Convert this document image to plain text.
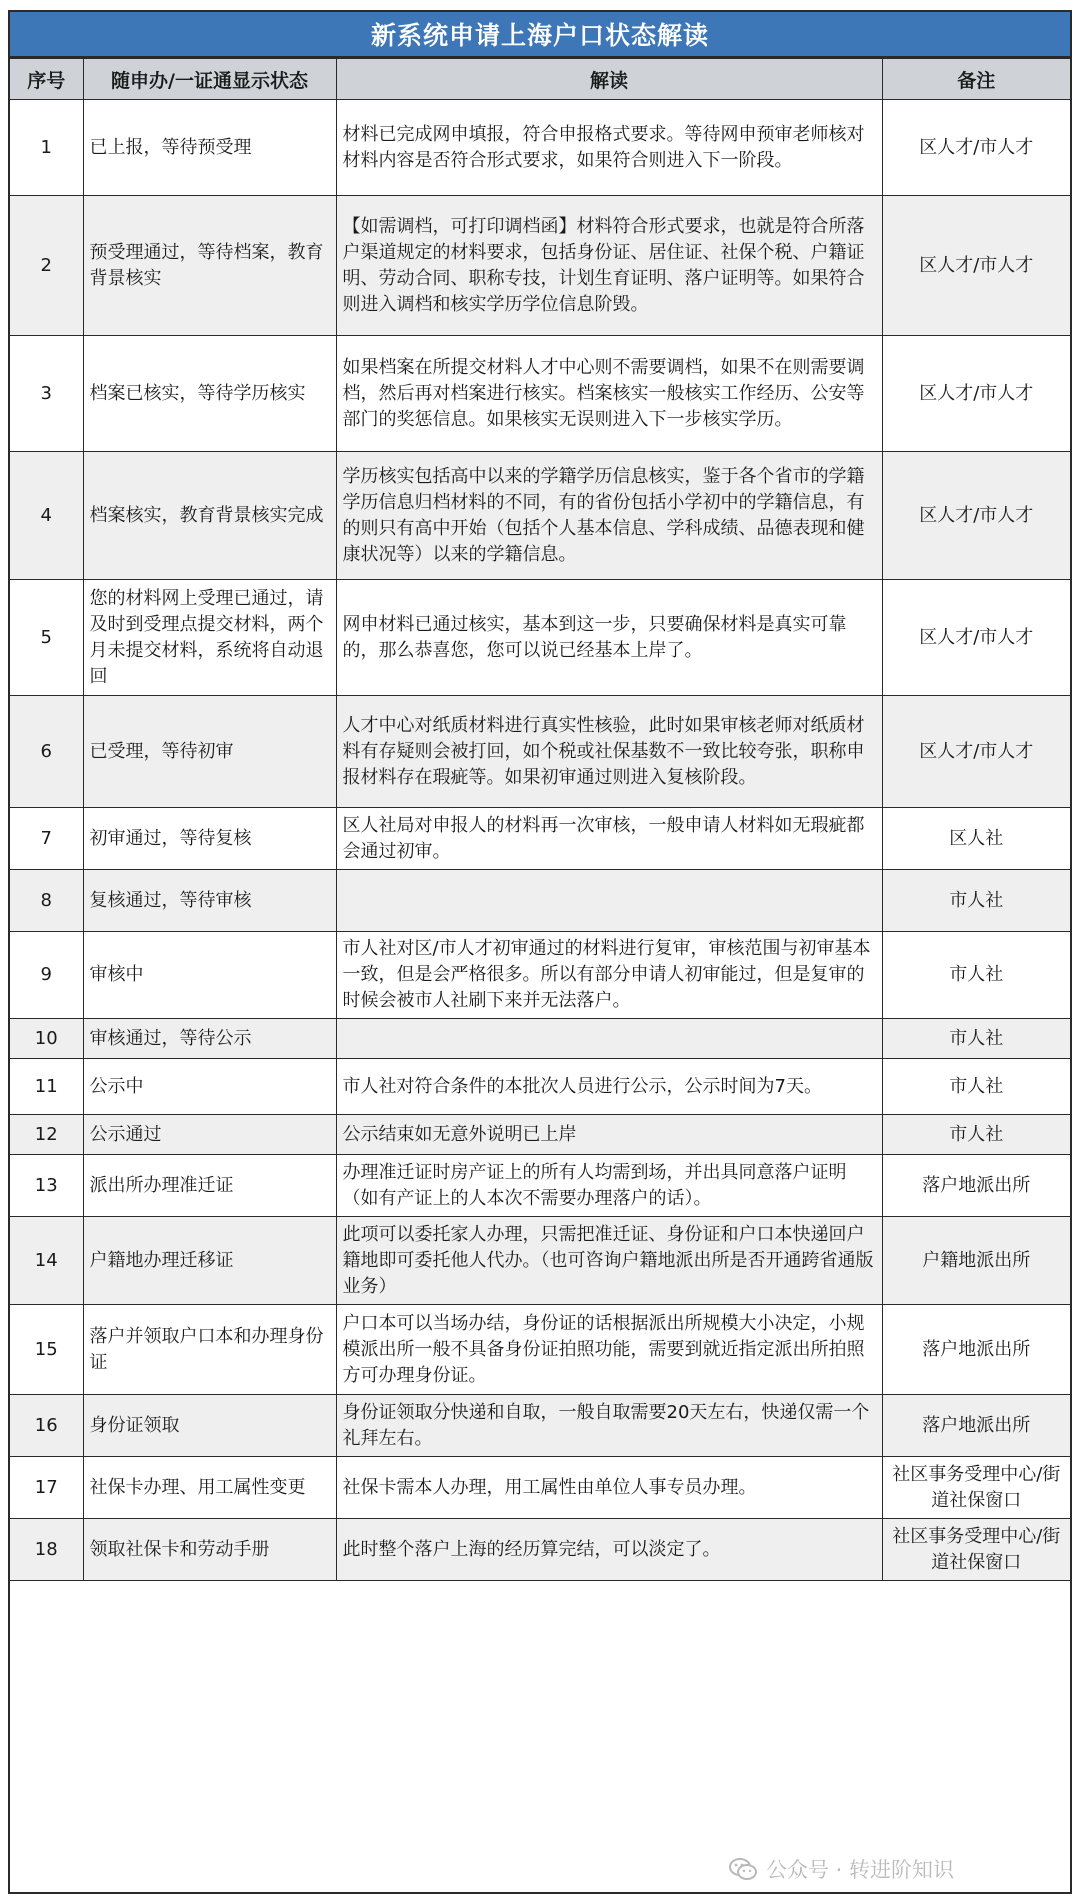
新系统申请上海户口状态解读
序号	随申办/一证通显示状态	解读	备注
1	已上报，等待预受理	材料已完成网申填报，符合申报格式要求。等待网申预审老师核对材料内容是否符合形式要求，如果符合则进入下一阶段。	区人才/市人才
2	预受理通过，等待档案，教育背景核实	【如需调档，可打印调档函】材料符合形式要求，也就是符合所落户渠道规定的材料要求，包括身份证、居住证、社保个税、户籍证明、劳动合同、职称专技，计划生育证明、落户证明等。如果符合则进入调档和核实学历学位信息阶毁。	区人才/市人才
3	档案已核实，等待学历核实	如果档案在所提交材料人才中心则不需要调档，如果不在则需要调档，然后再对档案进行核实。档案核实一般核实工作经历、公安等部门的奖惩信息。如果核实无误则进入下一步核实学历。	区人才/市人才
4	档案核实，教育背景核实完成	学历核实包括高中以来的学籍学历信息核实，鉴于各个省市的学籍学历信息归档材料的不同，有的省份包括小学初中的学籍信息，有的则只有高中开始（包括个人基本信息、学科成绩、品德表现和健康状况等）以来的学籍信息。	区人才/市人才
5	您的材料网上受理已通过，请及时到受理点提交材料，两个月未提交材料，系统将自动退回	网申材料已通过核实，基本到这一步，只要确保材料是真实可靠的，那么恭喜您，您可以说已经基本上岸了。	区人才/市人才
6	已受理，等待初审	人才中心对纸质材料进行真实性核验，此时如果审核老师对纸质材料有存疑则会被打回，如个税或社保基数不一致比较夸张，职称申报材料存在瑕疵等。如果初审通过则进入复核阶段。	区人才/市人才
7	初审通过，等待复核	区人社局对申报人的材料再一次审核，一般申请人材料如无瑕疵都会通过初审。	区人社
8	复核通过，等待审核		市人社
9	审核中	市人社对区/市人才初审通过的材料进行复审，审核范围与初审基本一致，但是会严格很多。所以有部分申请人初审能过，但是复审的时候会被市人社刷下来并无法落户。	市人社
10	审核通过，等待公示		市人社
11	公示中	市人社对符合条件的本批次人员进行公示，公示时间为7天。	市人社
12	公示通过	公示结束如无意外说明已上岸	市人社
13	派出所办理准迁证	办理准迁证时房产证上的所有人均需到场，并出具同意落户证明（如有产证上的人本次不需要办理落户的话）。	落户地派出所
14	户籍地办理迁移证	此项可以委托家人办理，只需把准迁证、身份证和户口本快递回户籍地即可委托他人代办。（也可咨询户籍地派出所是否开通跨省通版业务）	户籍地派出所
15	落户并领取户口本和办理身份证	户口本可以当场办结，身份证的话根据派出所规模大小决定，小规模派出所一般不具备身份证拍照功能，需要到就近指定派出所拍照方可办理身份证。	落户地派出所
16	身份证领取	身份证领取分快递和自取，一般自取需要20天左右，快递仅需一个礼拜左右。	落户地派出所
17	社保卡办理、用工属性变更	社保卡需本人办理，用工属性由单位人事专员办理。	社区事务受理中心/街道社保窗口
18	领取社保卡和劳动手册	此时整个落户上海的经历算完结，可以淡定了。	社区事务受理中心/街道社保窗口
公众号 · 转进阶知识
